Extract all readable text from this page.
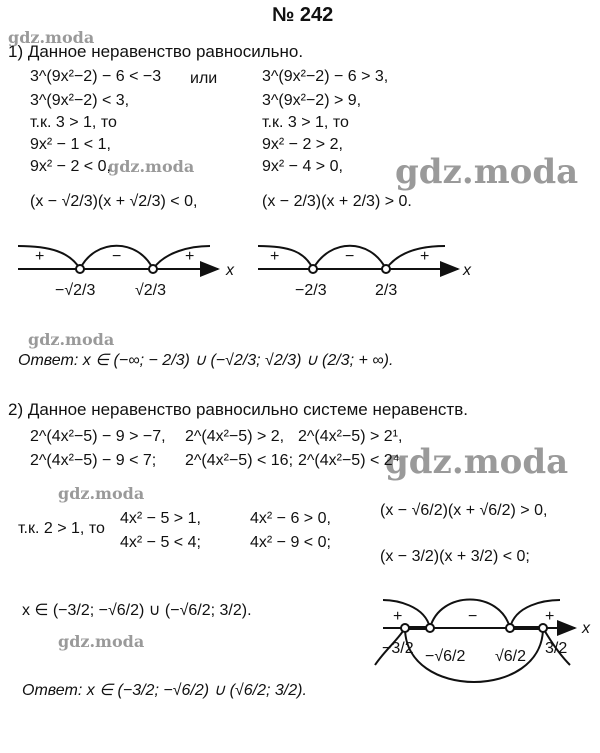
№ 242
gdz.moda
gdz.moda	gdz.moda
gdz.moda
gdz.moda
gdz.moda
gdz.moda
1) Данное неравенство равносильно.
3^(9x²−2) − 6 < −3
3^(9x²−2) < 3,
т.к. 3 > 1, то
9x² − 1 < 1,
9x² − 2 < 0,
(x − √2/3)(x + √2/3) < 0,
или	3^(9x²−2) − 6 > 3,
3^(9x²−2) > 9,
т.к. 3 > 1, то
9x² − 2 > 2,
9x² − 4 > 0,
(x − 2/3)(x + 2/3) > 0.
+	−	+
x
−√2/3 √2/3
+	−	+
x
−2/3	2/3
Ответ: x ∈ (−∞; − 2/3) ∪ (−√2/3; √2/3) ∪ (2/3; + ∞).
2) Данное неравенство равносильно системе неравенств.
2^(4x²−5) − 9 > −7,
2^(4x²−5) − 9 < 7;
2^(4x²−5) > 2,
2^(4x²−5) < 16;
2^(4x²−5) > 2¹,
2^(4x²−5) < 2⁴
т.к. 2 > 1, то
4x² − 5 > 1,
4x² − 5 < 4;
4x² − 6 > 0,
4x² − 9 < 0;
(x − √6/2)(x + √6/2) > 0,
(x − 3/2)(x + 3/2) < 0;
x ∈ (−3/2; −√6/2) ∪ (−√6/2; 3/2).	+	−	+
x
−3/2 −√6/2 √6/2 3/2
Ответ: x ∈ (−3/2; −√6/2) ∪ (√6/2; 3/2).
